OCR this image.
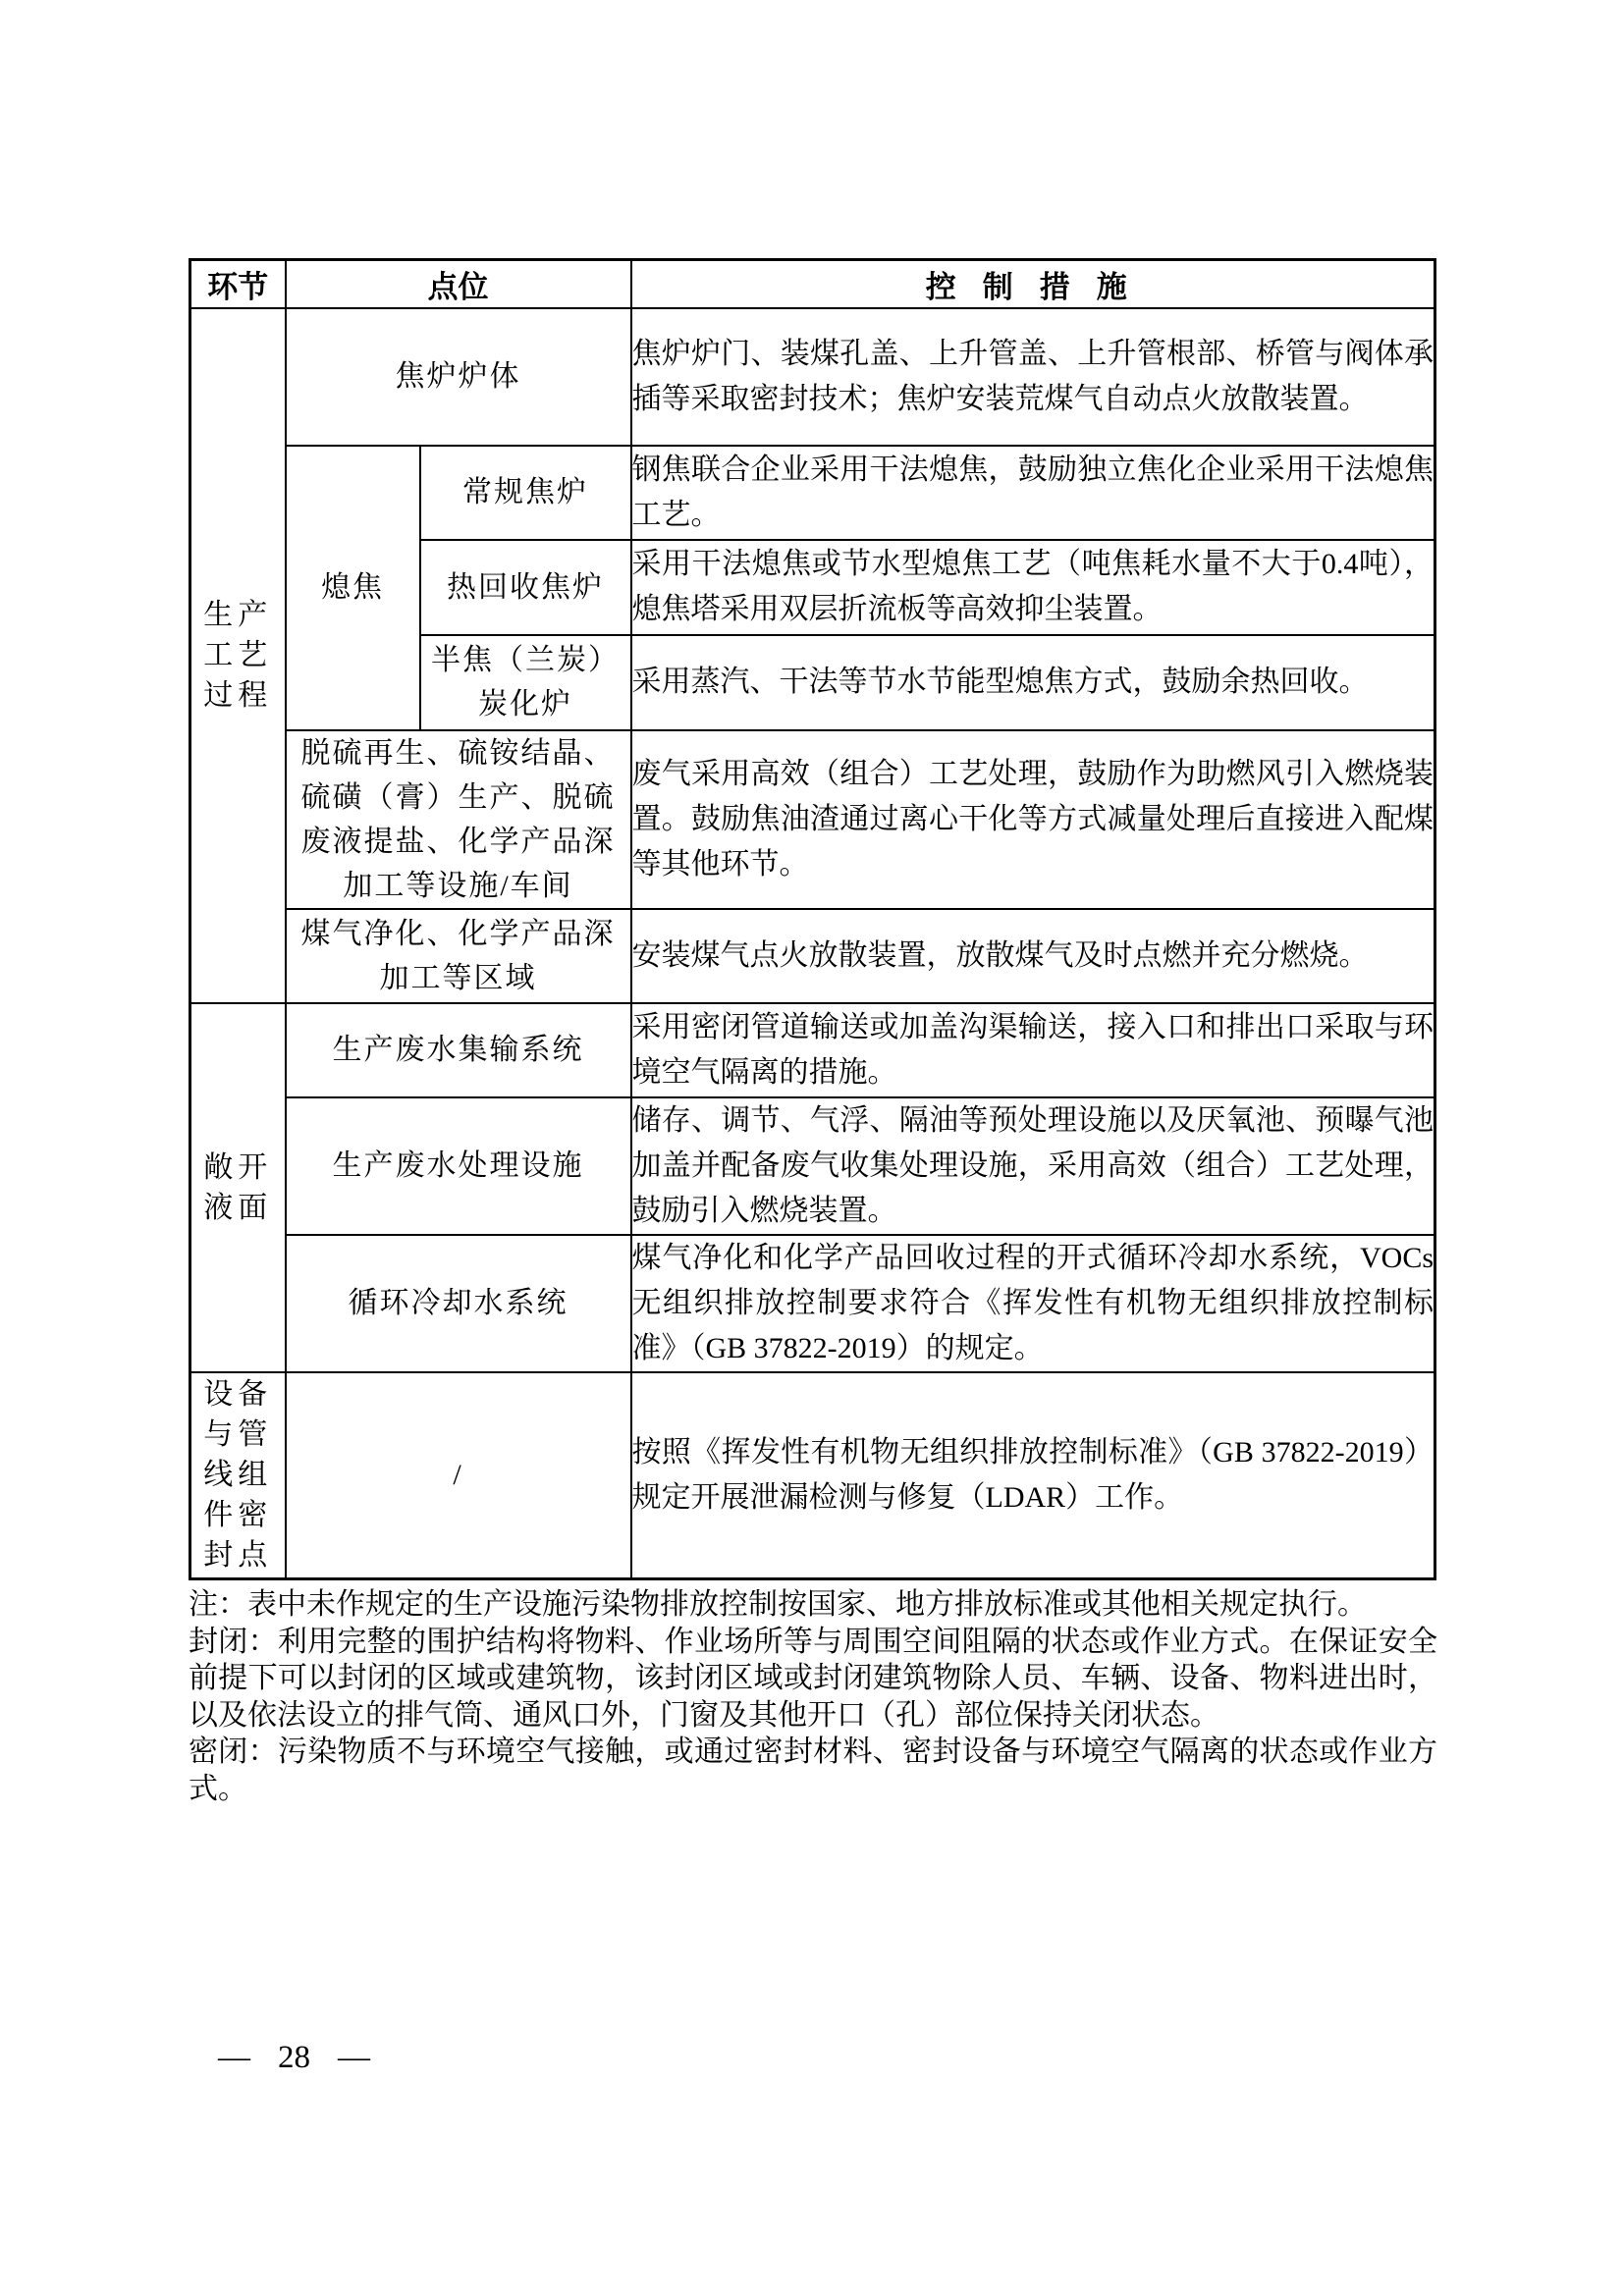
环节	点位		控制措施
生产工艺过程	焦炉炉体		焦炉炉门、装煤孔盖、上升管盖、上升管根部、桥管与阀体承插等采取密封技术；焦炉安装荒煤气自动点火放散装置。
	熄焦	常规焦炉	钢焦联合企业采用干法熄焦，鼓励独立焦化企业采用干法熄焦工艺。
		热回收焦炉	采用干法熄焦或节水型熄焦工艺（吨焦耗水量不大于0.4吨），熄焦塔采用双层折流板等高效抑尘装置。
		半焦（兰炭）炭化炉	采用蒸汽、干法等节水节能型熄焦方式，鼓励余热回收。
	脱硫再生、硫铵结晶、硫磺（膏）生产、脱硫废液提盐、化学产品深加工等设施/车间		废气采用高效（组合）工艺处理，鼓励作为助燃风引入燃烧装置。鼓励焦油渣通过离心干化等方式减量处理后直接进入配煤等其他环节。
	煤气净化、化学产品深加工等区域		安装煤气点火放散装置，放散煤气及时点燃并充分燃烧。
敞开液面	生产废水集输系统		采用密闭管道输送或加盖沟渠输送，接入口和排出口采取与环境空气隔离的措施。
	生产废水处理设施		储存、调节、气浮、隔油等预处理设施以及厌氧池、预曝气池加盖并配备废气收集处理设施，采用高效（组合）工艺处理，鼓励引入燃烧装置。
	循环冷却水系统		煤气净化和化学产品回收过程的开式循环冷却水系统，VOCs无组织排放控制要求符合《挥发性有机物无组织排放控制标准》（GB 37822-2019）的规定。
设备与管线组件密封点	/		按照《挥发性有机物无组织排放控制标准》（GB 37822-2019）规定开展泄漏检测与修复（LDAR）工作。

注：表中未作规定的生产设施污染物排放控制按国家、地方排放标准或其他相关规定执行。

封闭：利用完整的围护结构将物料、作业场所等与周围空间阻隔的状态或作业方式。在保证安全前提下可以封闭的区域或建筑物，该封闭区域或封闭建筑物除人员、车辆、设备、物料进出时，以及依法设立的排气筒、通风口外，门窗及其他开口（孔）部位保持关闭状态。

密闭：污染物质不与环境空气接触，或通过密封材料、密封设备与环境空气隔离的状态或作业方式。

— 28 —
